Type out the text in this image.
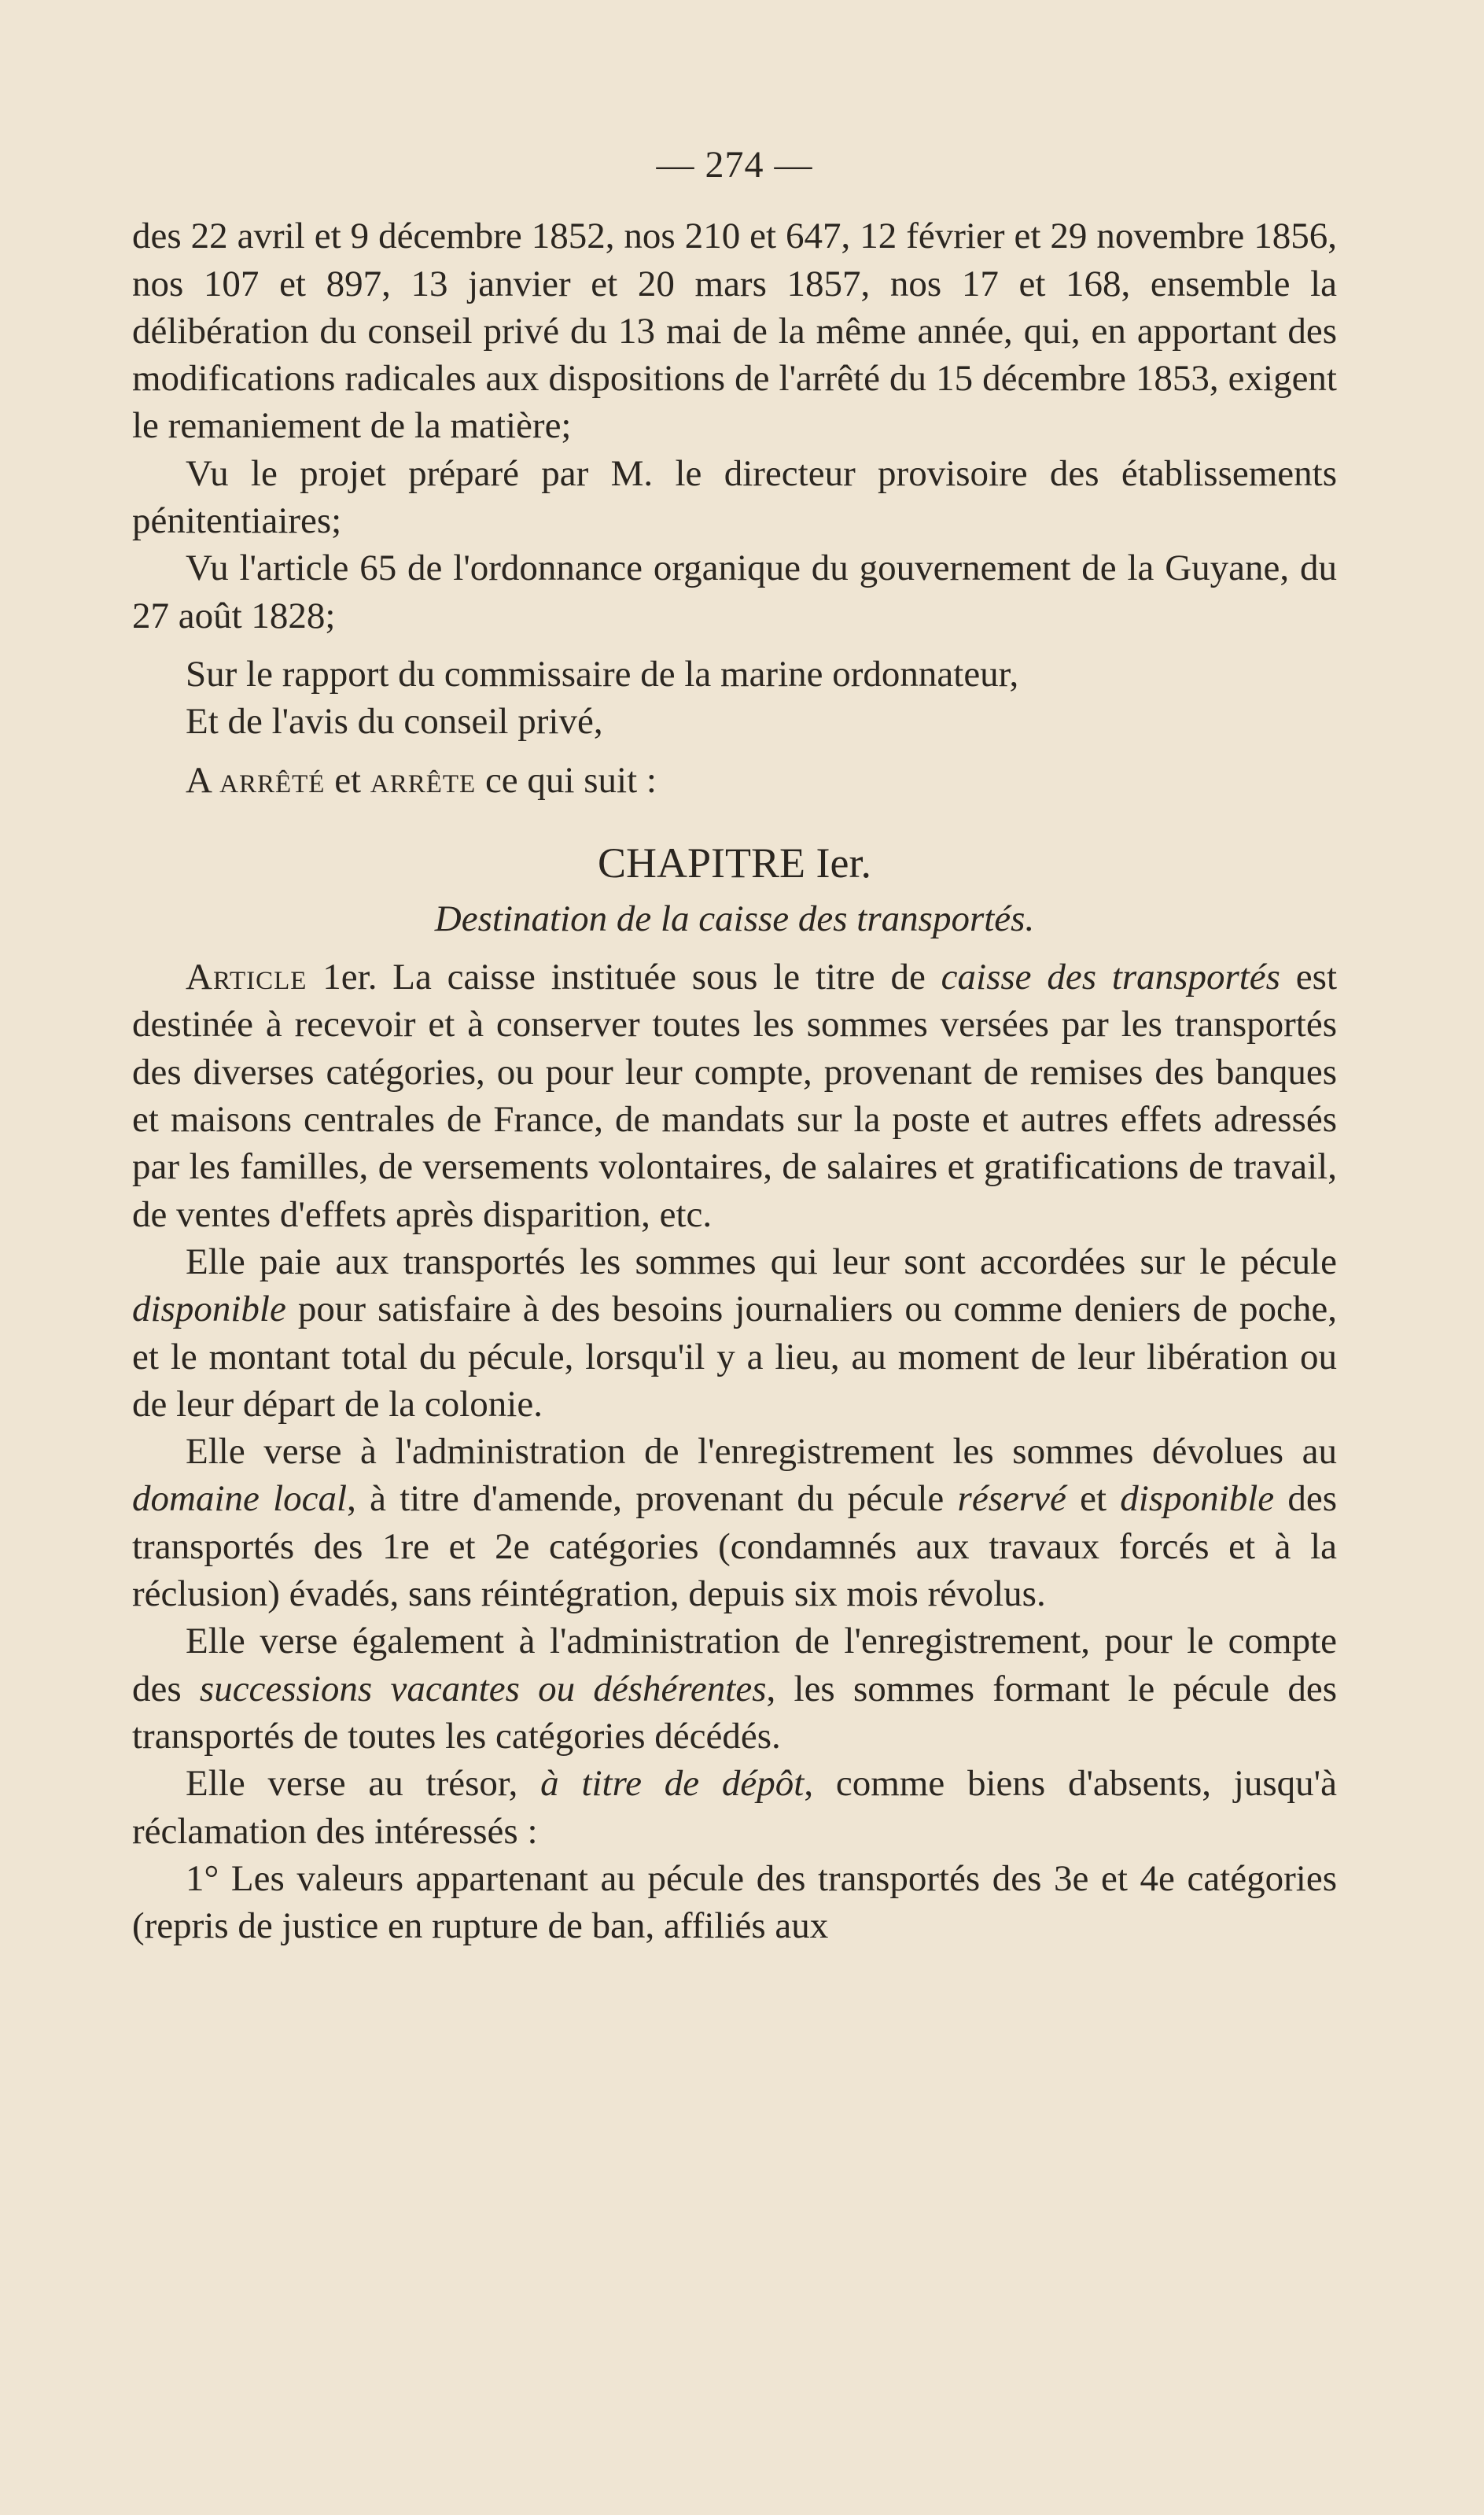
— 274 —

des 22 avril et 9 décembre 1852, nos 210 et 647, 12 février et 29 novembre 1856, nos 107 et 897, 13 janvier et 20 mars 1857, nos 17 et 168, ensemble la délibération du conseil privé du 13 mai de la même année, qui, en apportant des modifications radicales aux dispositions de l'arrêté du 15 décembre 1853, exigent le remaniement de la matière;

Vu le projet préparé par M. le directeur provisoire des établissements pénitentiaires;

Vu l'article 65 de l'ordonnance organique du gouvernement de la Guyane, du 27 août 1828;

Sur le rapport du commissaire de la marine ordonnateur,

Et de l'avis du conseil privé,

A arrêté et arrête ce qui suit :

CHAPITRE Ier.
Destination de la caisse des transportés.

Article 1er. La caisse instituée sous le titre de caisse des transportés est destinée à recevoir et à conserver toutes les sommes versées par les transportés des diverses catégories, ou pour leur compte, provenant de remises des banques et maisons centrales de France, de mandats sur la poste et autres effets adressés par les familles, de versements volontaires, de salaires et gratifications de travail, de ventes d'effets après disparition, etc.

Elle paie aux transportés les sommes qui leur sont accordées sur le pécule disponible pour satisfaire à des besoins journaliers ou comme deniers de poche, et le montant total du pécule, lorsqu'il y a lieu, au moment de leur libération ou de leur départ de la colonie.

Elle verse à l'administration de l'enregistrement les sommes dévolues au domaine local, à titre d'amende, provenant du pécule réservé et disponible des transportés des 1re et 2e catégories (condamnés aux travaux forcés et à la réclusion) évadés, sans réintégration, depuis six mois révolus.

Elle verse également à l'administration de l'enregistrement, pour le compte des successions vacantes ou déshérentes, les sommes formant le pécule des transportés de toutes les catégories décédés.

Elle verse au trésor, à titre de dépôt, comme biens d'absents, jusqu'à réclamation des intéressés :

1° Les valeurs appartenant au pécule des transportés des 3e et 4e catégories (repris de justice en rupture de ban, affiliés aux
